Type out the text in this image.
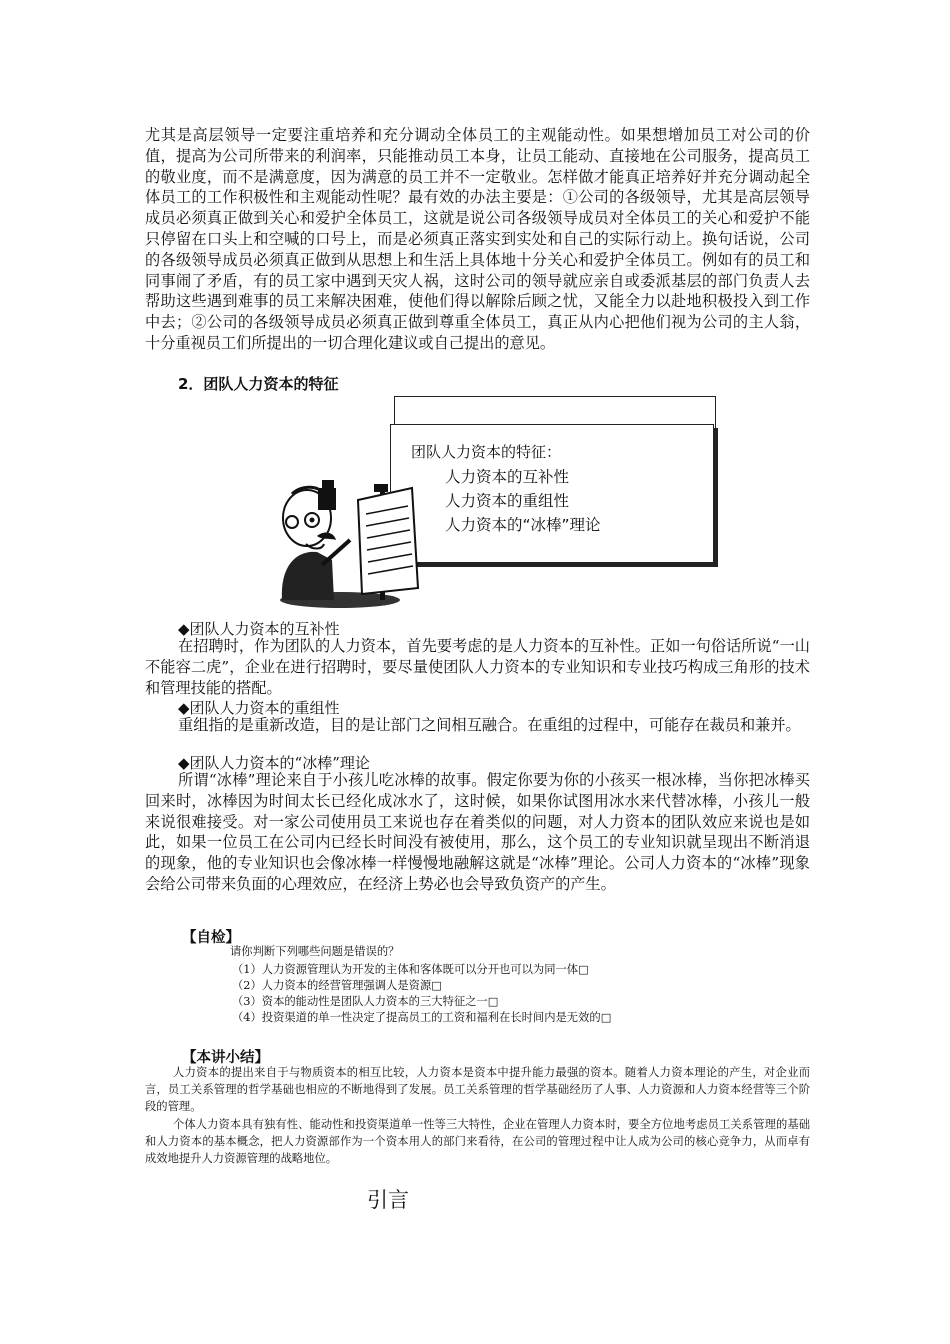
尤其是高层领导一定要注重培养和充分调动全体员工的主观能动性。如果想增加员工对公司的价值，提高为公司所带来的利润率，只能推动员工本身，让员工能动、直接地在公司服务，提高员工的敬业度，而不是满意度，因为满意的员工并不一定敬业。怎样做才能真正培养好并充分调动起全体员工的工作积极性和主观能动性呢？最有效的办法主要是：①公司的各级领导，尤其是高层领导成员必须真正做到关心和爱护全体员工，这就是说公司各级领导成员对全体员工的关心和爱护不能只停留在口头上和空喊的口号上，而是必须真正落实到实处和自己的实际行动上。换句话说，公司的各级领导成员必须真正做到从思想上和生活上具体地十分关心和爱护全体员工。例如有的员工和同事闹了矛盾，有的员工家中遇到天灾人祸，这时公司的领导就应亲自或委派基层的部门负责人去帮助这些遇到难事的员工来解决困难，使他们得以解除后顾之忧，又能全力以赴地积极投入到工作中去；②公司的各级领导成员必须真正做到尊重全体员工，真正从内心把他们视为公司的主人翁，十分重视员工们所提出的一切合理化建议或自己提出的意见。

2．团队人力资本的特征
团队人力资本的特征：
人力资本的互补性
人力资本的重组性
人力资本的“冰棒”理论
◆团队人力资本的互补性

在招聘时，作为团队的人力资本，首先要考虑的是人力资本的互补性。正如一句俗话所说“一山不能容二虎”，企业在进行招聘时，要尽量使团队人力资本的专业知识和专业技巧构成三角形的技术和管理技能的搭配。

◆团队人力资本的重组性

重组指的是重新改造，目的是让部门之间相互融合。在重组的过程中，可能存在裁员和兼并。

◆团队人力资本的“冰棒”理论

所谓“冰棒”理论来自于小孩儿吃冰棒的故事。假定你要为你的小孩买一根冰棒，当你把冰棒买回来时，冰棒因为时间太长已经化成冰水了，这时候，如果你试图用冰水来代替冰棒，小孩儿一般来说很难接受。对一家公司使用员工来说也存在着类似的问题，对人力资本的团队效应来说也是如此，如果一位员工在公司内已经长时间没有被使用，那么，这个员工的专业知识就呈现出不断消退的现象，他的专业知识也会像冰棒一样慢慢地融解这就是“冰棒”理论。公司人力资本的“冰棒”现象会给公司带来负面的心理效应，在经济上势必也会导致负资产的产生。

【自检】
请你判断下列哪些问题是错误的？
（1）人力资源管理认为开发的主体和客体既可以分开也可以为同一体□
（2）人力资本的经营管理强调人是资源□
（3）资本的能动性是团队人力资本的三大特征之一□
（4）投资渠道的单一性决定了提高员工的工资和福利在长时间内是无效的□
【本讲小结】

人力资本的提出来自于与物质资本的相互比较，人力资本是资本中提升能力最强的资本。随着人力资本理论的产生，对企业而言，员工关系管理的哲学基础也相应的不断地得到了发展。员工关系管理的哲学基础经历了人事、人力资源和人力资本经营等三个阶段的管理。

个体人力资本具有独有性、能动性和投资渠道单一性等三大特性，企业在管理人力资本时，要全方位地考虑员工关系管理的基础和人力资本的基本概念，把人力资源部作为一个资本用人的部门来看待，在公司的管理过程中让人成为公司的核心竞争力，从而卓有成效地提升人力资源管理的战略地位。

引言
